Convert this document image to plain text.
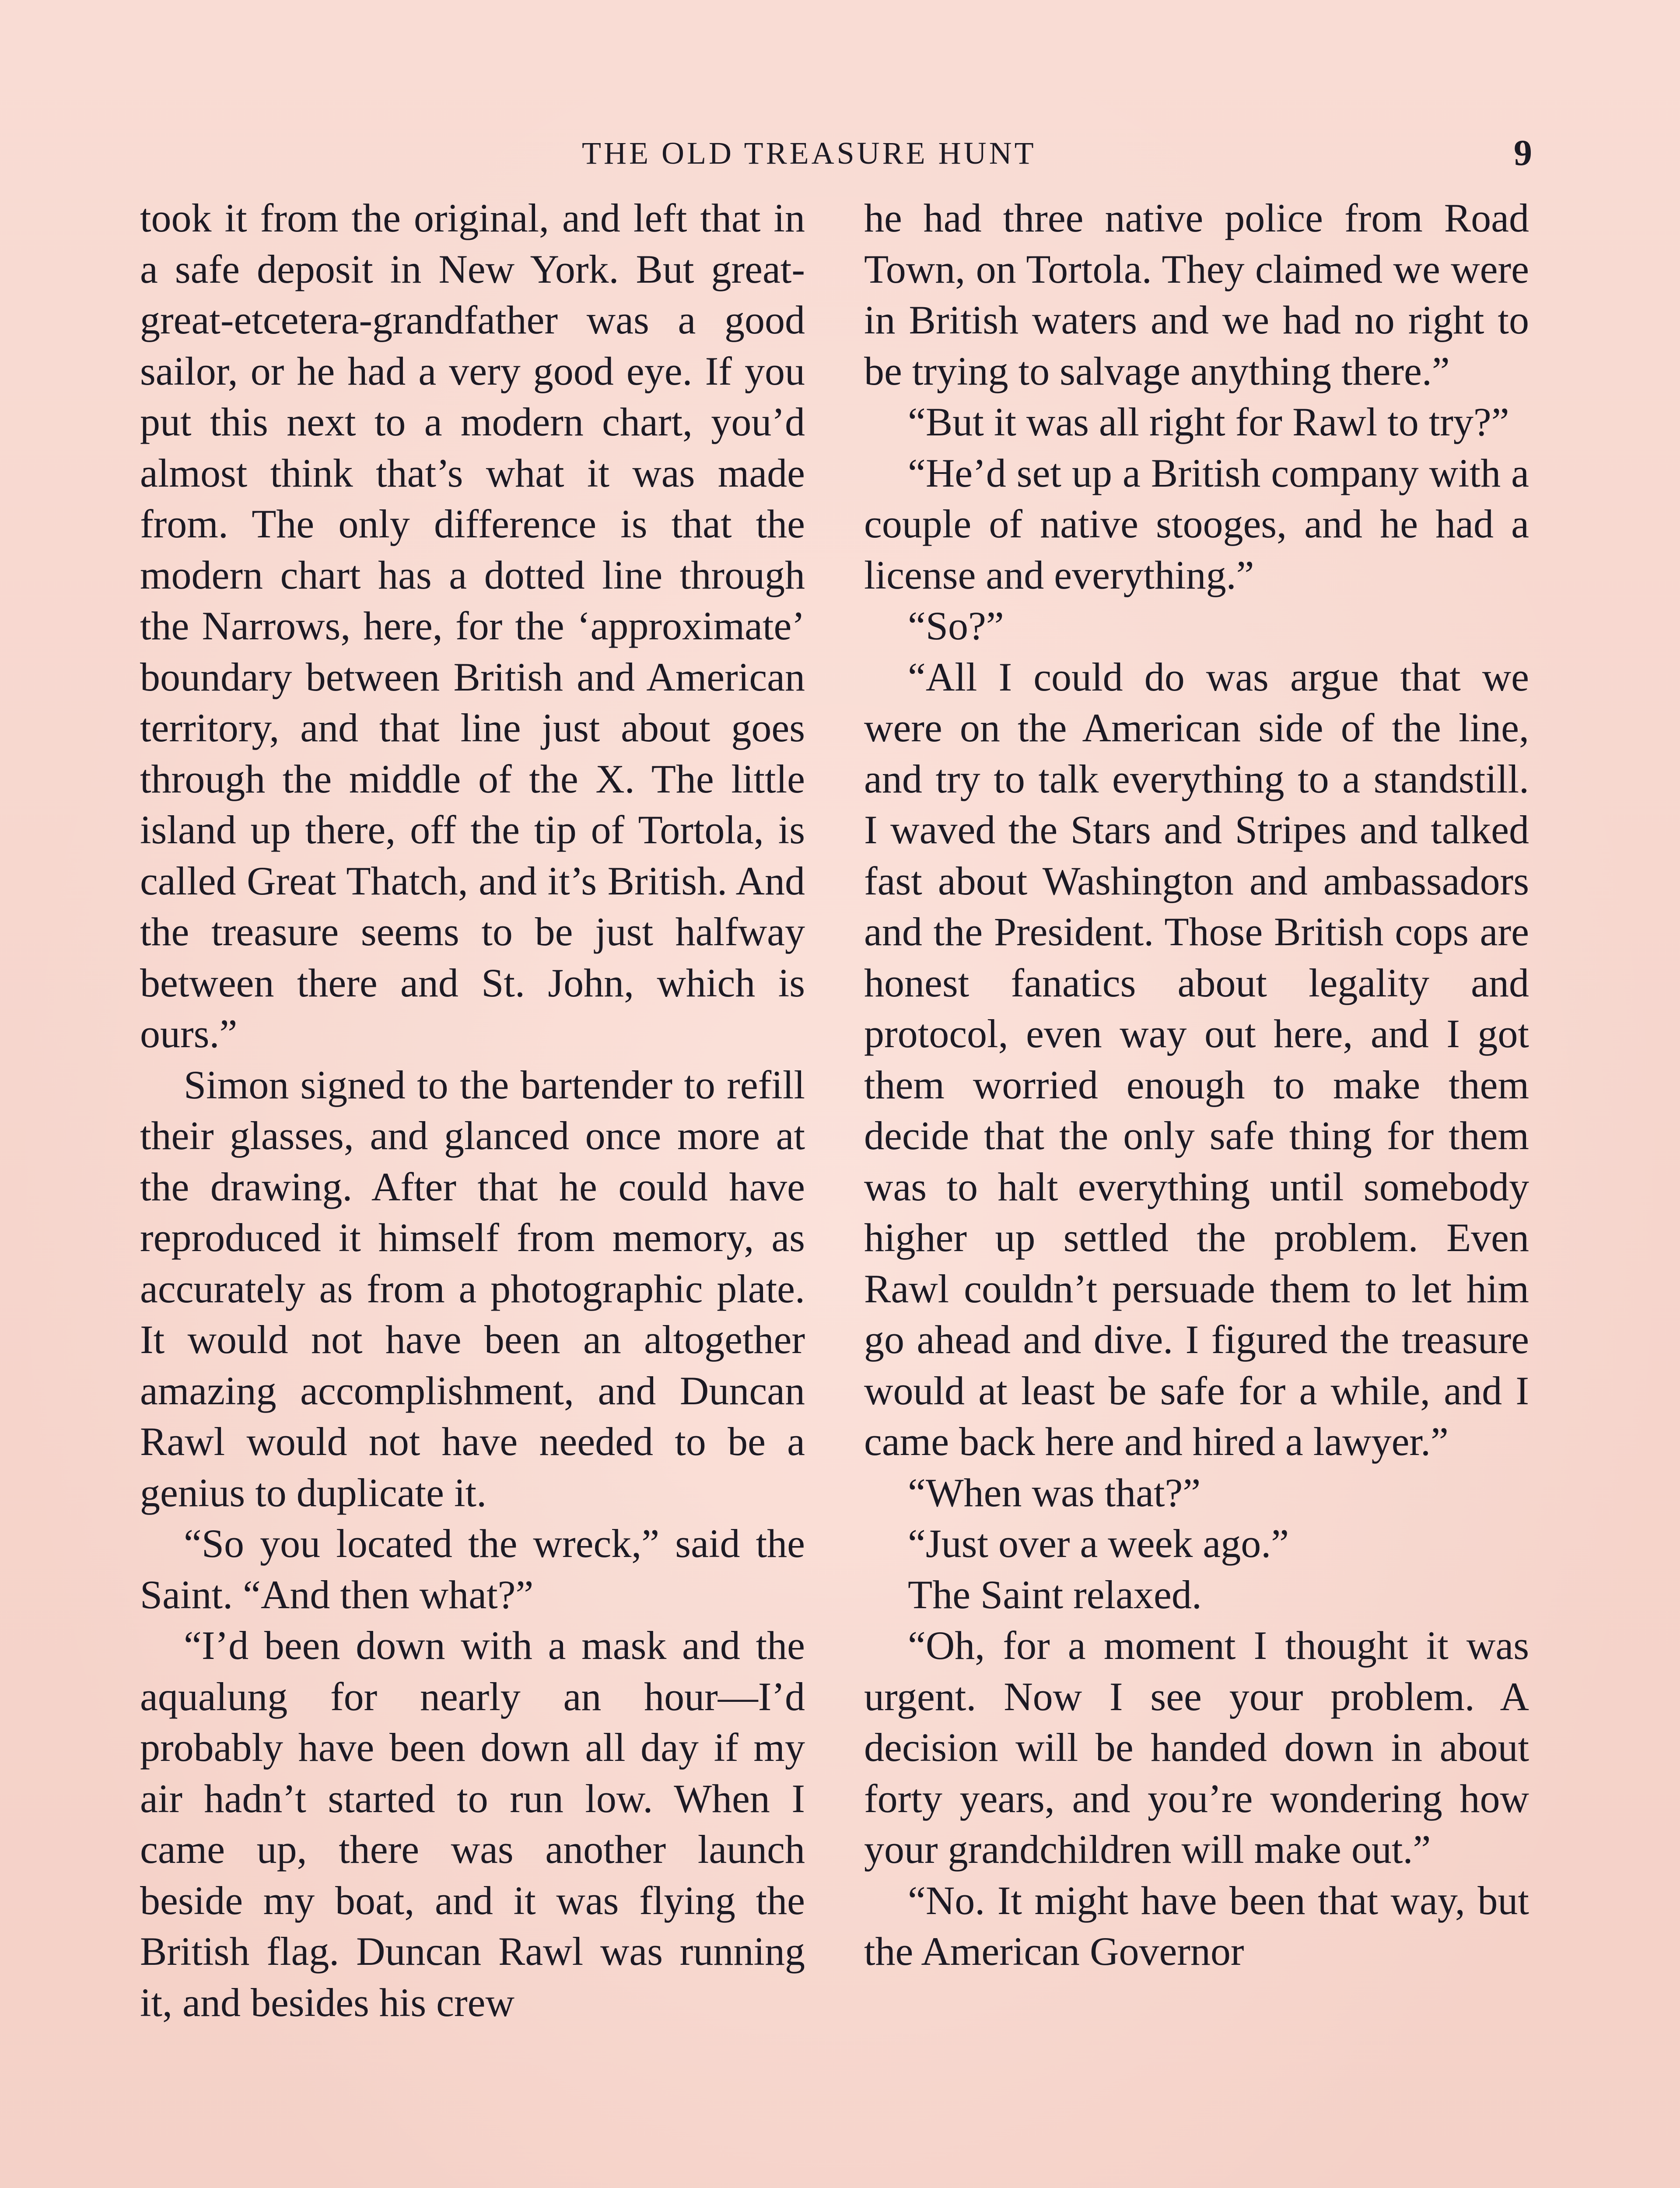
THE OLD TREASURE HUNT	9

took it from the original, and left that in a safe deposit in New York. But great-great-etcetera-grandfather was a good sailor, or he had a very good eye. If you put this next to a modern chart, you’d almost think that’s what it was made from. The only difference is that the modern chart has a dotted line through the Narrows, here, for the ‘approximate’ boundary between British and American territory, and that line just about goes through the middle of the X. The little island up there, off the tip of Tortola, is called Great Thatch, and it’s British. And the treasure seems to be just halfway between there and St. John, which is ours.”

Simon signed to the bartender to refill their glasses, and glanced once more at the drawing. After that he could have reproduced it himself from memory, as accurately as from a photographic plate. It would not have been an altogether amazing accomplishment, and Duncan Rawl would not have needed to be a genius to duplicate it.

“So you located the wreck,” said the Saint. “And then what?”

“I’d been down with a mask and the aqualung for nearly an hour—I’d probably have been down all day if my air hadn’t started to run low. When I came up, there was another launch beside my boat, and it was flying the British flag. Duncan Rawl was running it, and besides his crew

he had three native police from Road Town, on Tortola. They claimed we were in British waters and we had no right to be trying to salvage anything there.”

“But it was all right for Rawl to try?”

“He’d set up a British company with a couple of native stooges, and he had a license and everything.”

“So?”

“All I could do was argue that we were on the American side of the line, and try to talk everything to a standstill. I waved the Stars and Stripes and talked fast about Washington and ambassadors and the President. Those British cops are honest fanatics about legality and protocol, even way out here, and I got them worried enough to make them decide that the only safe thing for them was to halt everything until somebody higher up settled the problem. Even Rawl couldn’t persuade them to let him go ahead and dive. I figured the treasure would at least be safe for a while, and I came back here and hired a lawyer.”

“When was that?”

“Just over a week ago.”

The Saint relaxed.

“Oh, for a moment I thought it was urgent. Now I see your problem. A decision will be handed down in about forty years, and you’re wondering how your grandchildren will make out.”

“No. It might have been that way, but the American Governor
